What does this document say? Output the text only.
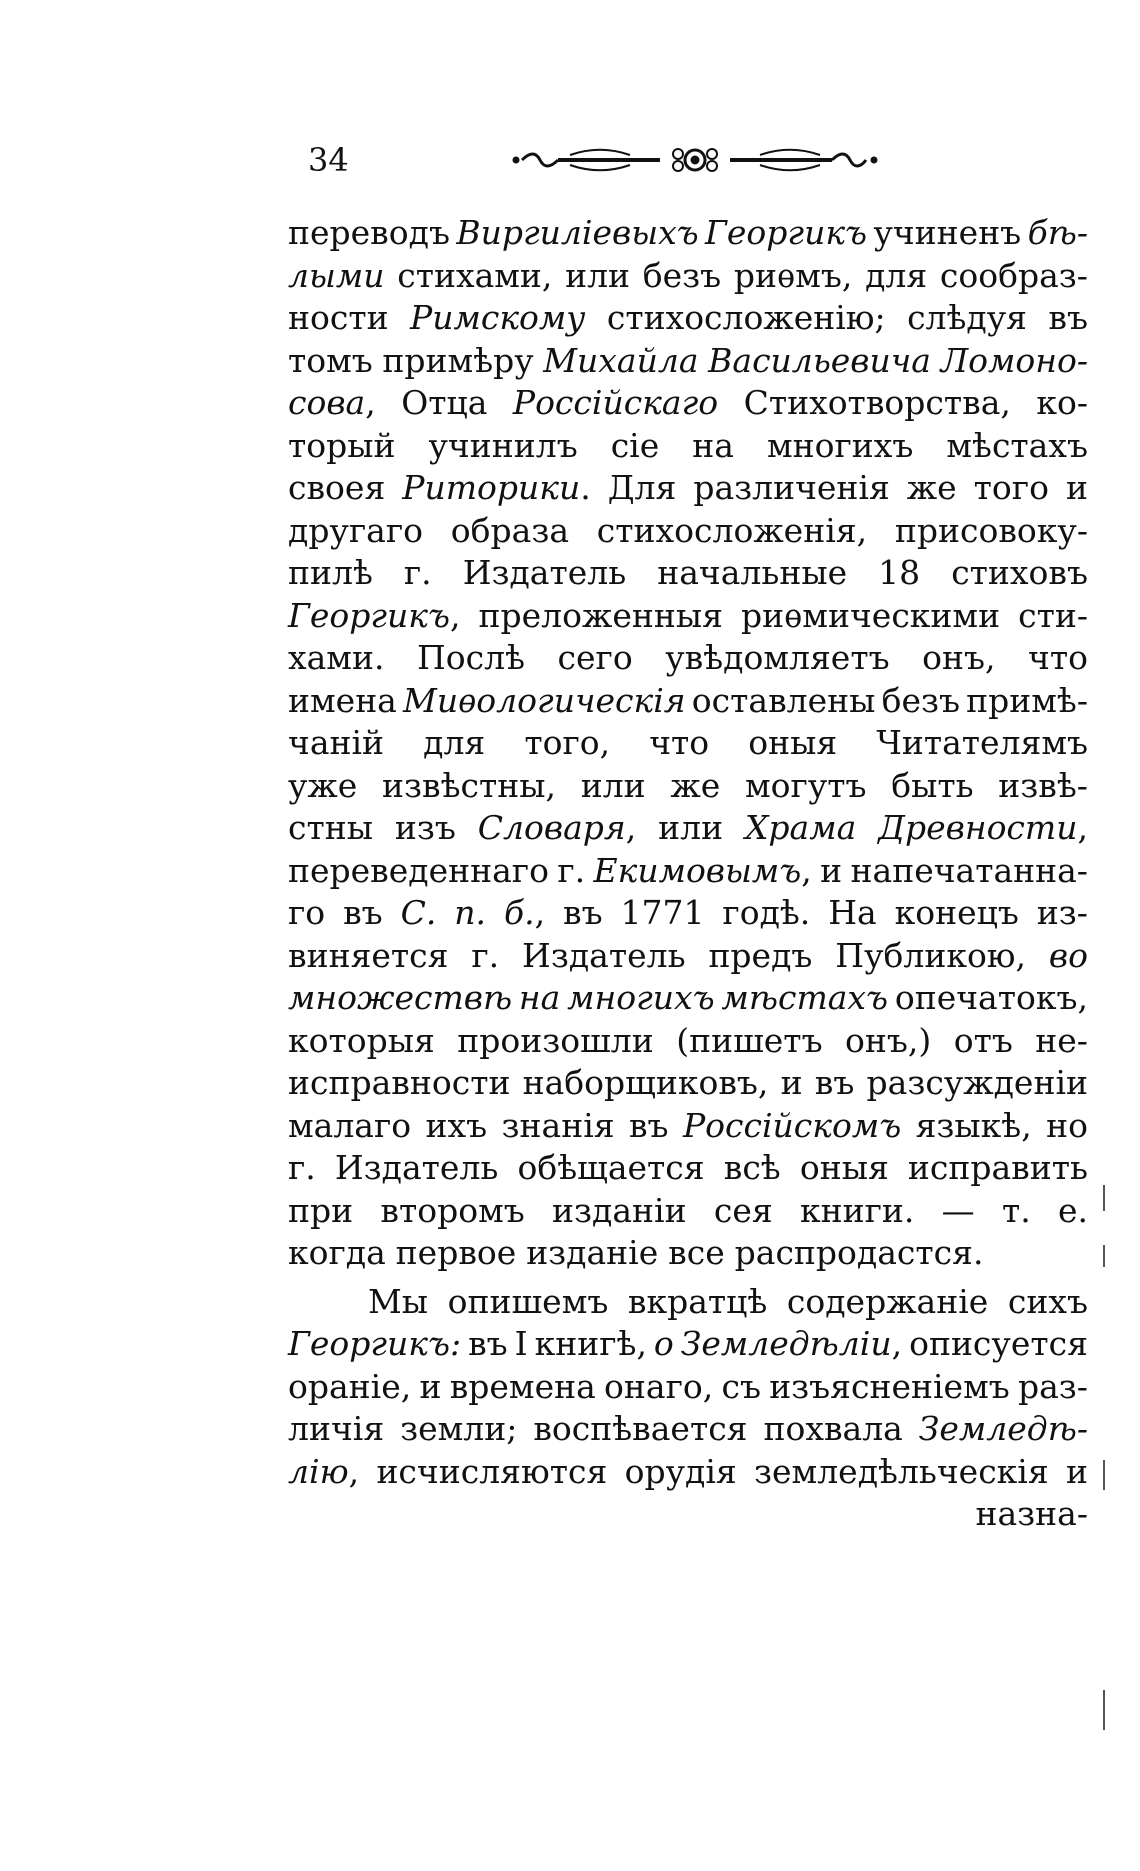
34
переводъ Виргилiевыхъ Георгикъ учиненъ бѣ-
лыми стихами, или безъ риѳмъ, для сообраз-
ности Римскому стихосложенiю; слѣдуя въ
томъ примѣру Михайла Васильевича Ломоно-
сова, Отца Россiйскаго Стихотворства, ко-
торый учинилъ сiе на многихъ мѣстахъ
своея Риторики. Для различенiя же того и
другаго образа стихосложенiя, присовоку-
пилѣ г. Издатель начальные 18 стиховъ
Георгикъ, преложенныя риѳмическими сти-
хами. Послѣ сего увѣдомляетъ онъ, что
имена Миѳологическiя оставлены безъ примѣ-
чанiй для того, что оныя Читателямъ
уже извѣстны, или же могутъ быть извѣ-
стны изъ Словаря, или Храма Древности,
переведеннаго г. Екимовымъ, и напечатанна-
го въ С. п. б., въ 1771 годѣ. На конецъ из-
виняется г. Издатель предъ Публикою, во
множествѣ на многихъ мѣстахъ опечатокъ,
которыя произошли (пишетъ онъ,) отъ не-
исправности наборщиковъ, и въ разсужденiи
малаго ихъ знанiя въ Россiйскомъ языкѣ, но
г. Издатель обѣщается всѣ оныя исправить
при второмъ изданiи сея книги. — т. е.
когда первое изданiе все распродастся.
Мы опишемъ вкратцѣ содержанiе сихъ
Георгикъ: въ I книгѣ, о Земледѣлiи, описуется
оранiе, и времена онаго, съ изъясненiемъ раз-
личiя земли; воспѣвается похвала Земледѣ-
лiю, исчисляются орудiя земледѣльческiя и
назна-
